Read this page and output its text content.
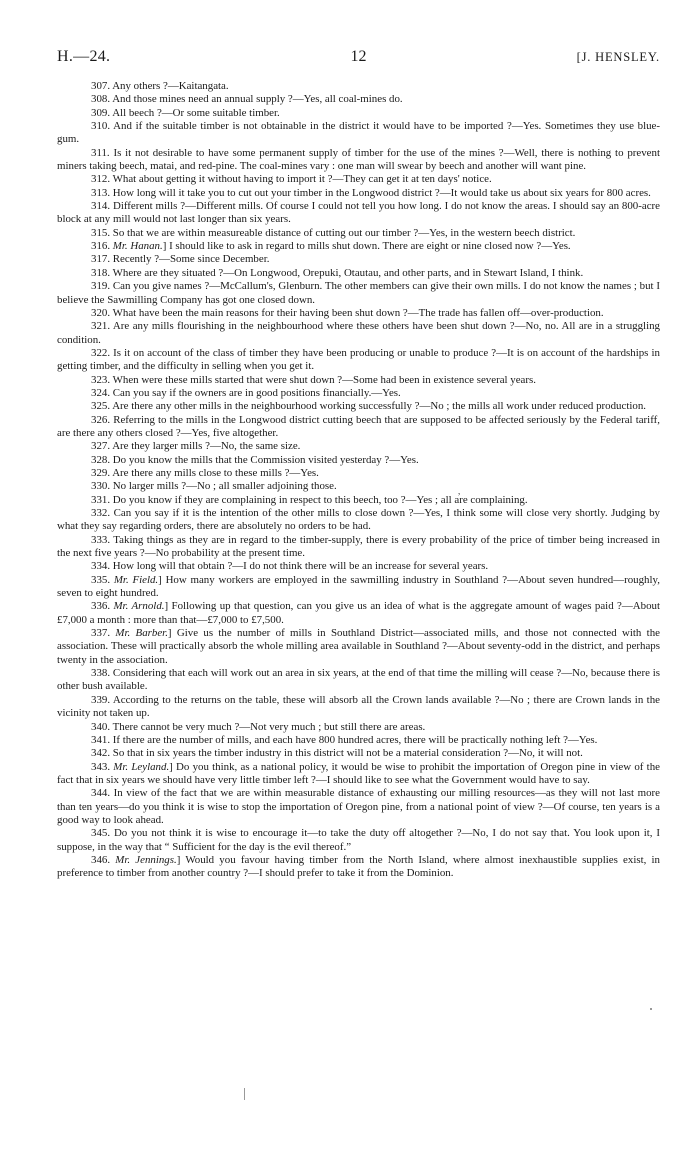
H.—24.	12	[J. HENSLEY.

307. Any others ?—Kaitangata.

308. And those mines need an annual supply ?—Yes, all coal-mines do.

309. All beech ?—Or some suitable timber.

310. And if the suitable timber is not obtainable in the district it would have to be imported ?—Yes. Sometimes they use blue-gum.

311. Is it not desirable to have some permanent supply of timber for the use of the mines ?—Well, there is nothing to prevent miners taking beech, matai, and red-pine. The coal-mines vary : one man will swear by beech and another will want pine.

312. What about getting it without having to import it ?—They can get it at ten days' notice.

313. How long will it take you to cut out your timber in the Longwood district ?—It would take us about six years for 800 acres.

314. Different mills ?—Different mills. Of course I could not tell you how long. I do not know the areas. I should say an 800-acre block at any mill would not last longer than six years.

315. So that we are within measureable distance of cutting out our timber ?—Yes, in the western beech district.

316. Mr. Hanan.] I should like to ask in regard to mills shut down. There are eight or nine closed now ?—Yes.

317. Recently ?—Some since December.

318. Where are they situated ?—On Longwood, Orepuki, Otautau, and other parts, and in Stewart Island, I think.

319. Can you give names ?—McCallum's, Glenburn. The other members can give their own mills. I do not know the names ; but I believe the Sawmilling Company has got one closed down.

320. What have been the main reasons for their having been shut down ?—The trade has fallen off—over-production.

321. Are any mills flourishing in the neighbourhood where these others have been shut down ?—No, no. All are in a struggling condition.

322. Is it on account of the class of timber they have been producing or unable to produce ?—It is on account of the hardships in getting timber, and the difficulty in selling when you get it.

323. When were these mills started that were shut down ?—Some had been in existence several years.

324. Can you say if the owners are in good positions financially.—Yes.

325. Are there any other mills in the neighbourhood working successfully ?—No ; the mills all work under reduced production.

326. Referring to the mills in the Longwood district cutting beech that are supposed to be affected seriously by the Federal tariff, are there any others closed ?—Yes, five altogether.

327. Are they larger mills ?—No, the same size.

328. Do you know the mills that the Commission visited yesterday ?—Yes.

329. Are there any mills close to these mills ?—Yes.

330. No larger mills ?—No ; all smaller adjoining those.

331. Do you know if they are complaining in respect to this beech, too ?—Yes ; all are complaining.

332. Can you say if it is the intention of the other mills to close down ?—Yes, I think some will close very shortly. Judging by what they say regarding orders, there are absolutely no orders to be had.

333. Taking things as they are in regard to the timber-supply, there is every probability of the price of timber being increased in the next five years ?—No probability at the present time.

334. How long will that obtain ?—I do not think there will be an increase for several years.

335. Mr. Field.] How many workers are employed in the sawmilling industry in Southland ?—About seven hundred—roughly, seven to eight hundred.

336. Mr. Arnold.] Following up that question, can you give us an idea of what is the aggregate amount of wages paid ?—About £7,000 a month : more than that—£7,000 to £7,500.

337. Mr. Barber.] Give us the number of mills in Southland District—associated mills, and those not connected with the association. These will practically absorb the whole milling area available in Southland ?—About seventy-odd in the district, and perhaps twenty in the association.

338. Considering that each will work out an area in six years, at the end of that time the milling will cease ?—No, because there is other bush available.

339. According to the returns on the table, these will absorb all the Crown lands available ?—No ; there are Crown lands in the vicinity not taken up.

340. There cannot be very much ?—Not very much ; but still there are areas.

341. If there are the number of mills, and each have 800 hundred acres, there will be practically nothing left ?—Yes.

342. So that in six years the timber industry in this district will not be a material consideration ?—No, it will not.

343. Mr. Leyland.] Do you think, as a national policy, it would be wise to prohibit the importation of Oregon pine in view of the fact that in six years we should have very little timber left ?—I should like to see what the Government would have to say.

344. In view of the fact that we are within measurable distance of exhausting our milling resources—as they will not last more than ten years—do you think it is wise to stop the importation of Oregon pine, from a national point of view ?—Of course, ten years is a good way to look ahead.

345. Do you not think it is wise to encourage it—to take the duty off altogether ?—No, I do not say that. You look upon it, I suppose, in the way that “ Sufficient for the day is the evil thereof.”

346. Mr. Jennings.] Would you favour having timber from the North Island, where almost inexhaustible supplies exist, in preference to timber from another country ?—I should prefer to take it from the Dominion.

,
